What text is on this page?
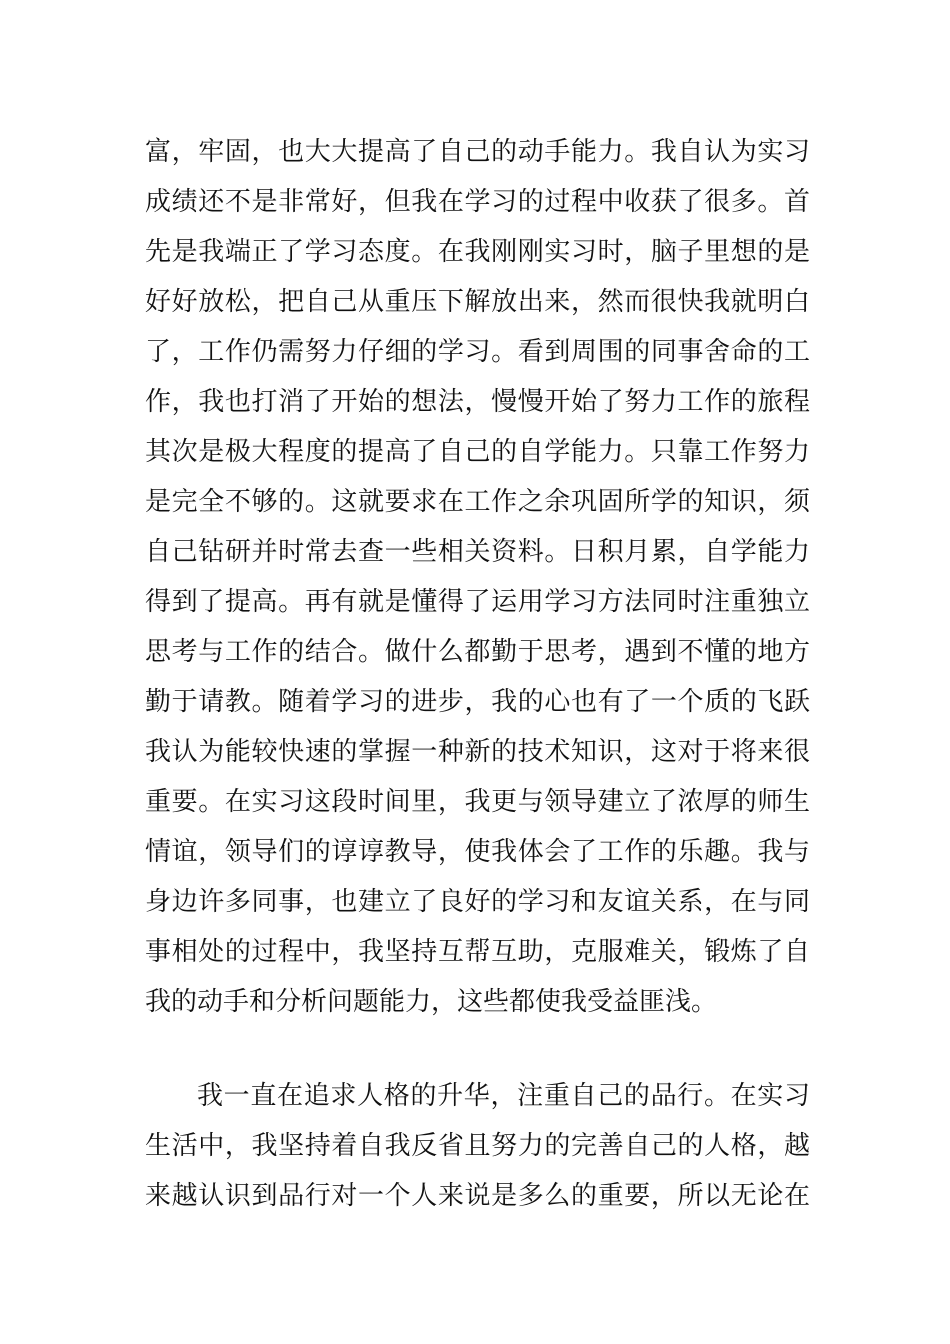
富，牢固，也大大提高了自己的动手能力。我自认为实习
成绩还不是非常好，但我在学习的过程中收获了很多。首
先是我端正了学习态度。在我刚刚实习时，脑子里想的是
好好放松，把自己从重压下解放出来，然而很快我就明白
了，工作仍需努力仔细的学习。看到周围的同事舍命的工
作，我也打消了开始的想法，慢慢开始了努力工作的旅程
其次是极大程度的提高了自己的自学能力。只靠工作努力
是完全不够的。这就要求在工作之余巩固所学的知识，须
自己钻研并时常去查一些相关资料。日积月累，自学能力
得到了提高。再有就是懂得了运用学习方法同时注重独立
思考与工作的结合。做什么都勤于思考，遇到不懂的地方
勤于请教。随着学习的进步，我的心也有了一个质的飞跃
我认为能较快速的掌握一种新的技术知识，这对于将来很
重要。在实习这段时间里，我更与领导建立了浓厚的师生
情谊，领导们的谆谆教导，使我体会了工作的乐趣。我与
身边许多同事，也建立了良好的学习和友谊关系，在与同
事相处的过程中，我坚持互帮互助，克服难关，锻炼了自
我的动手和分析问题能力，这些都使我受益匪浅。
我一直在追求人格的升华，注重自己的品行。在实习
生活中，我坚持着自我反省且努力的完善自己的人格，越
来越认识到品行对一个人来说是多么的重要，所以无论在
